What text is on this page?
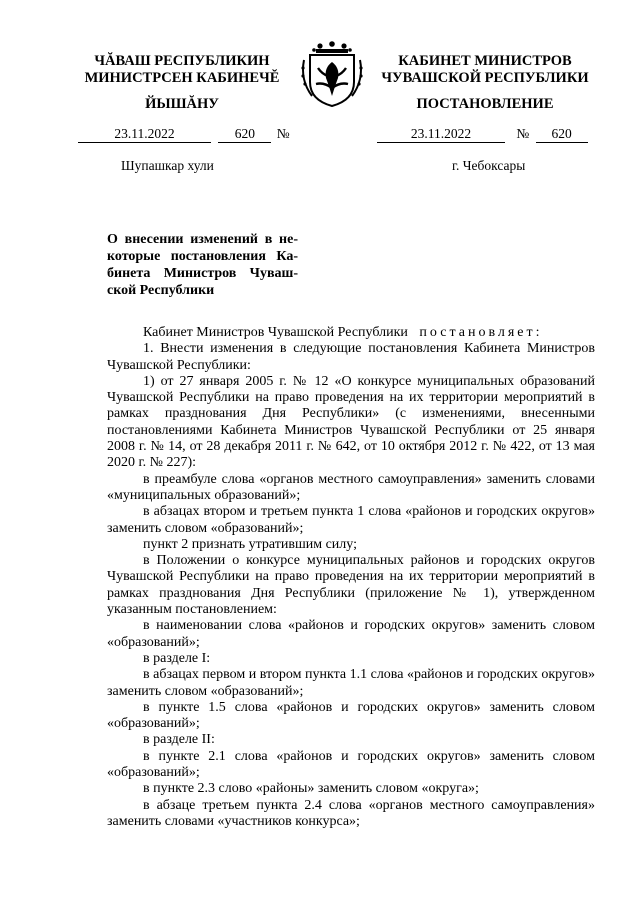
ЧĂВАШ РЕСПУБЛИКИН
МИНИСТРСЕН КАБИНЕЧĔ
ЙЫШĂНУ
КАБИНЕТ МИНИСТРОВ
ЧУВАШСКОЙ РЕСПУБЛИКИ
ПОСТАНОВЛЕНИЕ
23.11.2022	620 №	23.11.2022	№ 620
Шупашкар хули	г. Чебоксары
О внесении изменений в не-
которые постановления Ка-
бинета Министров Чуваш-
ской Республики

Кабинет Министров Чувашской Республики постановляет:

1. Внести изменения в следующие постановления Кабинета Министров Чувашской Республики:

1) от 27 января 2005 г. № 12 «О конкурсе муниципальных образований Чувашской Республики на право проведения на их территории мероприятий в рамках празднования Дня Республики» (с изменениями, внесенными постановлениями Кабинета Министров Чувашской Республики от 25 января 2008 г. № 14, от 28 декабря 2011 г. № 642, от 10 октября 2012 г. № 422, от 13 мая 2020 г. № 227):

в преамбуле слова «органов местного самоуправления» заменить словами «муниципальных образований»;

в абзацах втором и третьем пункта 1 слова «районов и городских округов» заменить словом «образований»;

пункт 2 признать утратившим силу;

в Положении о конкурсе муниципальных районов и городских округов Чувашской Республики на право проведения на их территории мероприятий в рамках празднования Дня Республики (приложение № 1), утвержденном указанным постановлением:

в наименовании слова «районов и городских округов» заменить словом «образований»;

в разделе I:

в абзацах первом и втором пункта 1.1 слова «районов и городских округов» заменить словом «образований»;

в пункте 1.5 слова «районов и городских округов» заменить словом «образований»;

в разделе II:

в пункте 2.1 слова «районов и городских округов» заменить словом «образований»;

в пункте 2.3 слово «районы» заменить словом «округа»;

в абзаце третьем пункта 2.4 слова «органов местного самоуправления» заменить словами «участников конкурса»;
